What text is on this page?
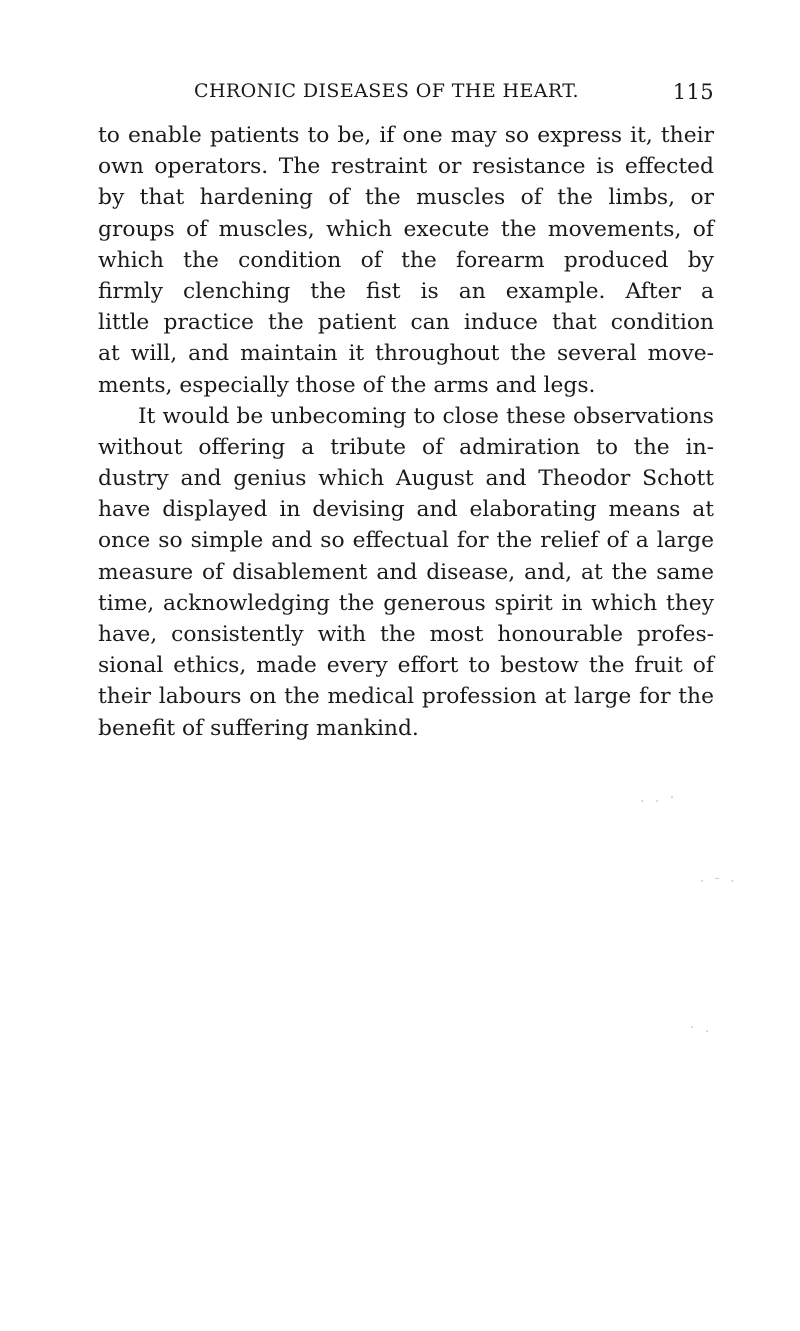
CHRONIC DISEASES OF THE HEART.	115
to enable patients to be, if one may so express it, their
own operators. The restraint or resistance is effected
by that hardening of the muscles of the limbs, or
groups of muscles, which execute the movements, of
which the condition of the forearm produced by
firmly clenching the fist is an example. After a
little practice the patient can induce that condition
at will, and maintain it throughout the several move-
ments, especially those of the arms and legs.
It would be unbecoming to close these observations
without offering a tribute of admiration to the in-
dustry and genius which August and Theodor Schott
have displayed in devising and elaborating means at
once so simple and so effectual for the relief of a large
measure of disablement and disease, and, at the same
time, acknowledging the generous spirit in which they
have, consistently with the most honourable profes-
sional ethics, made every effort to bestow the fruit of
their labours on the medical profession at large for the
benefit of suffering mankind.
. . ·
. - .
· .
